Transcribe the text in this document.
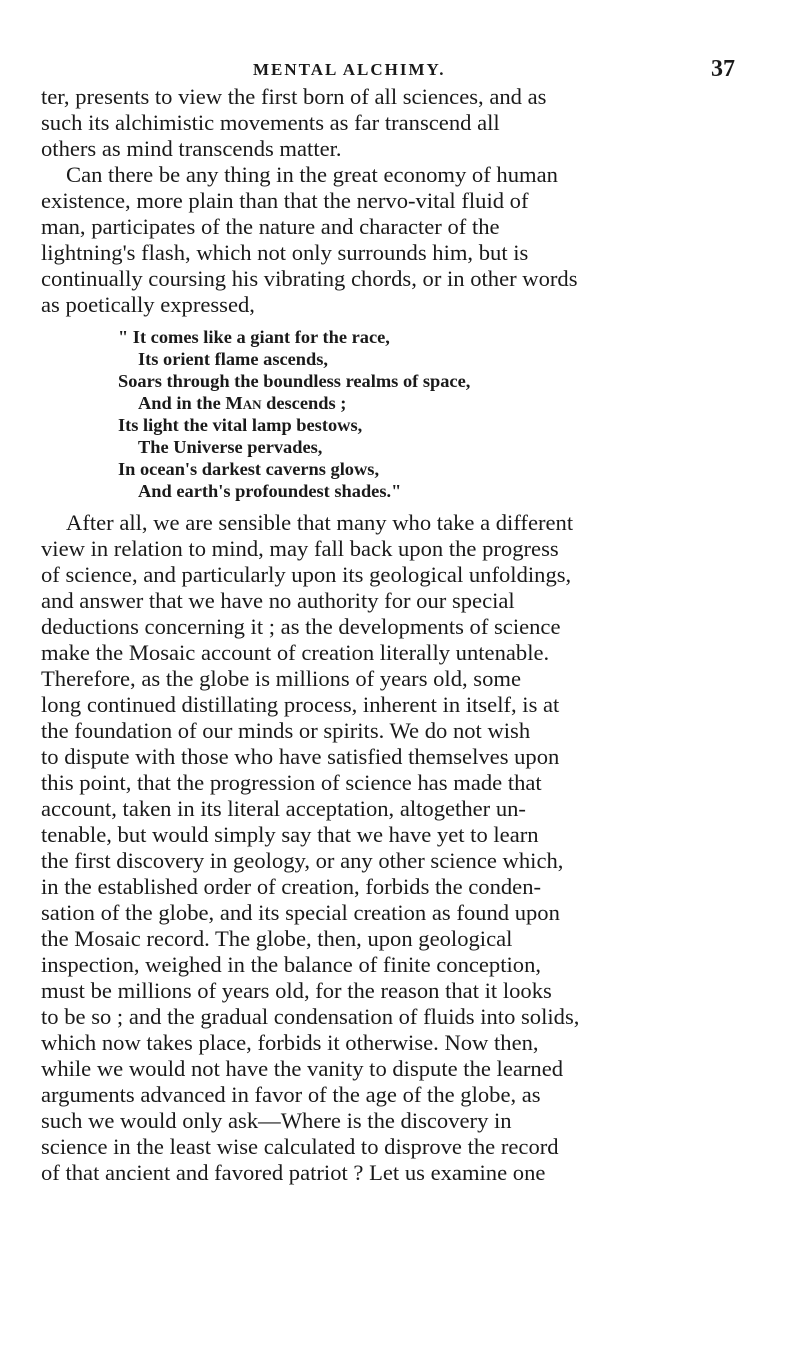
MENTAL ALCHIMY.	37
ter, presents to view the first born of all sciences, and as
such its alchimistic movements as far transcend all
others as mind transcends matter.
Can there be any thing in the great economy of human
existence, more plain than that the nervo-vital fluid of
man, participates of the nature and character of the
lightning's flash, which not only surrounds him, but is
continually coursing his vibrating chords, or in other words
as poetically expressed,
" It comes like a giant for the race,
Its orient flame ascends,
Soars through the boundless realms of space,
And in the Man descends ;
Its light the vital lamp bestows,
The Universe pervades,
In ocean's darkest caverns glows,
And earth's profoundest shades."
After all, we are sensible that many who take a different
view in relation to mind, may fall back upon the progress
of science, and particularly upon its geological unfoldings,
and answer that we have no authority for our special
deductions concerning it ; as the developments of science
make the Mosaic account of creation literally untenable.
Therefore, as the globe is millions of years old, some
long continued distillating process, inherent in itself, is at
the foundation of our minds or spirits. We do not wish
to dispute with those who have satisfied themselves upon
this point, that the progression of science has made that
account, taken in its literal acceptation, altogether un-
tenable, but would simply say that we have yet to learn
the first discovery in geology, or any other science which,
in the established order of creation, forbids the conden-
sation of the globe, and its special creation as found upon
the Mosaic record. The globe, then, upon geological
inspection, weighed in the balance of finite conception,
must be millions of years old, for the reason that it looks
to be so ; and the gradual condensation of fluids into solids,
which now takes place, forbids it otherwise. Now then,
while we would not have the vanity to dispute the learned
arguments advanced in favor of the age of the globe, as
such we would only ask—Where is the discovery in
science in the least wise calculated to disprove the record
of that ancient and favored patriot ? Let us examine one
